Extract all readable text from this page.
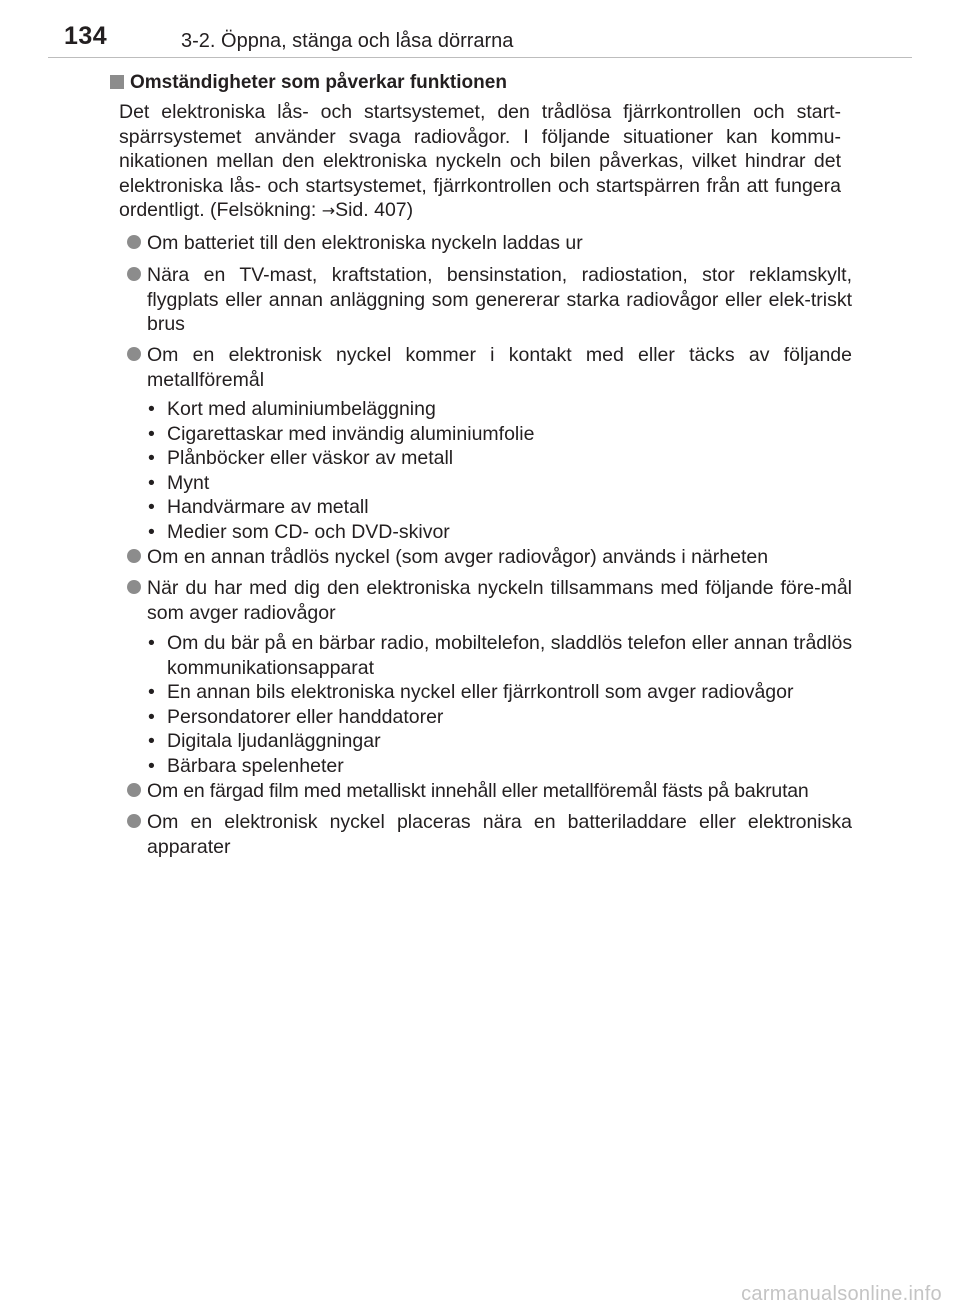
134	3-2. Öppna, stänga och låsa dörrarna
Omständigheter som påverkar funktionen
Det elektroniska lås- och startsystemet, den trådlösa fjärrkontrollen och start-spärrsystemet använder svaga radiovågor. I följande situationer kan kommu-nikationen mellan den elektroniska nyckeln och bilen påverkas, vilket hindrar det elektroniska lås- och startsystemet, fjärrkontrollen och startspärren från att fungera ordentligt. (Felsökning: →Sid. 407)
Om batteriet till den elektroniska nyckeln laddas ur
Nära en TV-mast, kraftstation, bensinstation, radiostation, stor reklamskylt, flygplats eller annan anläggning som genererar starka radiovågor eller elek-triskt brus
Om en elektronisk nyckel kommer i kontakt med eller täcks av följande metallföremål
• Kort med aluminiumbeläggning
• Cigarettaskar med invändig aluminiumfolie
• Plånböcker eller väskor av metall
• Mynt
• Handvärmare av metall
• Medier som CD- och DVD-skivor
Om en annan trådlös nyckel (som avger radiovågor) används i närheten
När du har med dig den elektroniska nyckeln tillsammans med följande före-mål som avger radiovågor
• Om du bär på en bärbar radio, mobiltelefon, sladdlös telefon eller annan trådlös kommunikationsapparat
• En annan bils elektroniska nyckel eller fjärrkontroll som avger radiovågor
• Persondatorer eller handdatorer
• Digitala ljudanläggningar
• Bärbara spelenheter
Om en färgad film med metalliskt innehåll eller metallföremål fästs på bakrutan
Om en elektronisk nyckel placeras nära en batteriladdare eller elektroniska apparater
carmanualsonline.info
